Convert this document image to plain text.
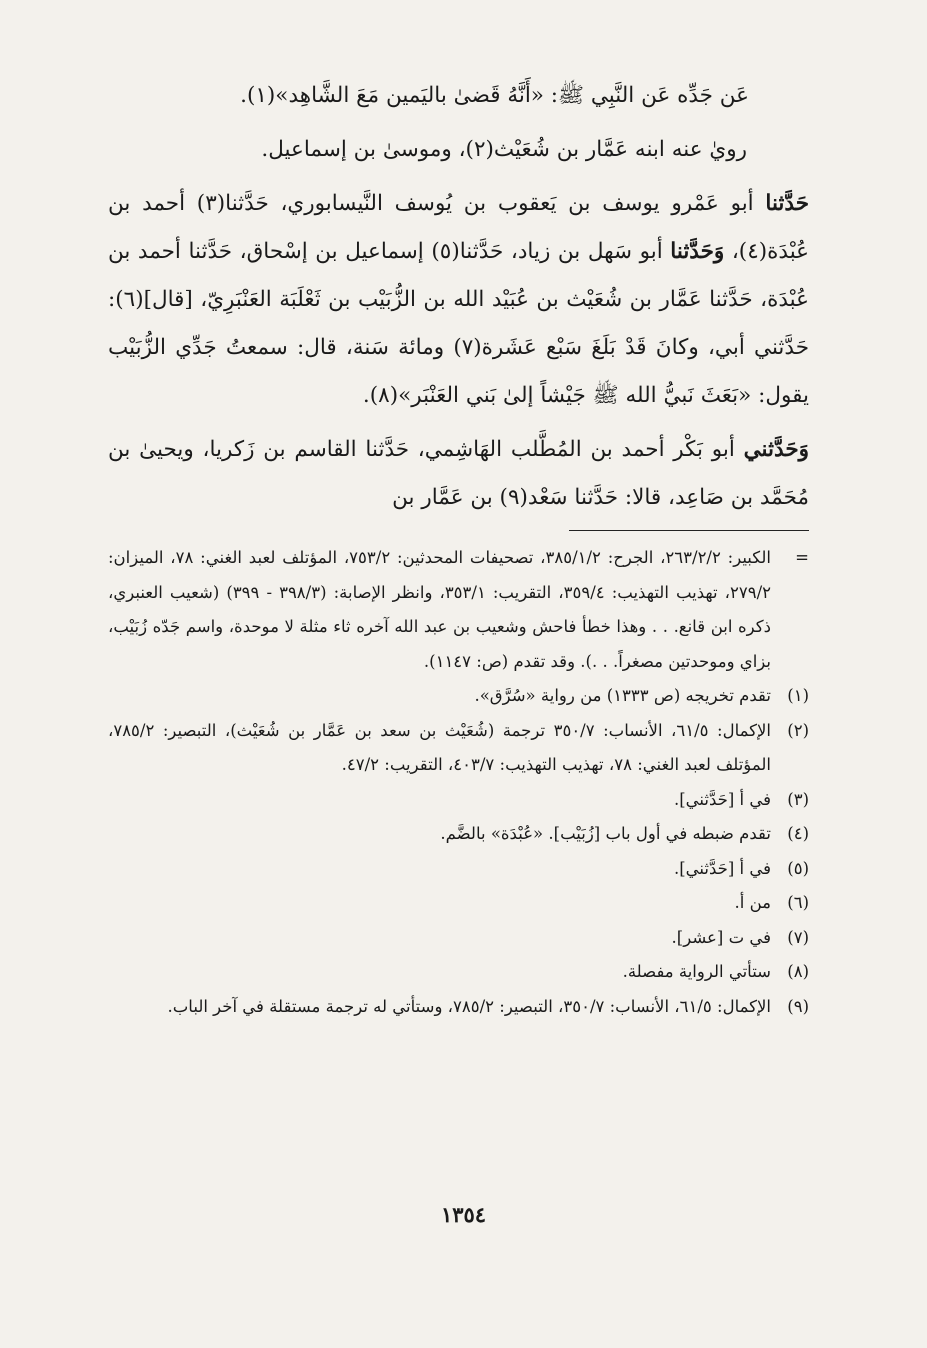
عَن جَدِّه عَن النَّبِي ﷺ: «أَنَّهُ قَضىٰ باليَمين مَعَ الشَّاهِد»(١).

رويٰ عنه ابنه عَمَّار بن شُعَيْث(٢)، وموسىٰ بن إسماعيل.

حَدَّثنا أبو عَمْرو يوسف بن يَعقوب بن يُوسف النَّيسابوري، حَدَّثنا(٣) أحمد بن عُبْدَة(٤)، وَحَدَّثنا أبو سَهل بن زياد، حَدَّثنا(٥) إسماعيل بن إسْحاق، حَدَّثنا أحمد بن عُبْدَة، حَدَّثنا عَمَّار بن شُعَيْث بن عُبَيْد الله بن الزُّبَيْب بن ثَعْلَبَة العَنْبَرِيّ، [قال](٦): حَدَّثني أبي، وكانَ قَدْ بَلَغَ سَبْع عَشَرة(٧) ومائة سَنة، قال: سمعتُ جَدِّي الزُّبَيْب يقول: «بَعَثَ نَبيُّ الله ﷺ جَيْشاً إلىٰ بَني العَنْبَر»(٨).

وَحَدَّثني أبو بَكْر أحمد بن المُطَّلب الهَاشِمي، حَدَّثنا القاسم بن زَكريا، ويحيىٰ بن مُحَمَّد بن صَاعِد، قالا: حَدَّثنا سَعْد(٩) بن عَمَّار بن

=

الكبير: ٢٦٣/٢/٢، الجرح: ٣٨٥/١/٢، تصحيفات المحدثين: ٧٥٣/٢، المؤتلف لعبد الغني: ٧٨، الميزان: ٢٧٩/٢، تهذيب التهذيب: ٣٥٩/٤، التقريب: ٣٥٣/١، وانظر الإصابة: (٣٩٨/٣ - ٣٩٩) (شعيب العنبري، ذكره ابن قانع. . . وهذا خطأ فاحش وشعيب بن عبد الله آخره ثاء مثلة لا موحدة، واسم جَدّه زُبَيْب، بزاي وموحدتين مصغراً. . .). وقد تقدم (ص: ١١٤٧).

(١)

تقدم تخريجه (ص ١٣٣٣) من رواية «سُرَّق».

(٢)

الإكمال: ٦١/٥، الأنساب: ٣٥٠/٧ ترجمة (شُعَيْث بن سعد بن عَمَّار بن شُعَيْث)، التبصير: ٧٨٥/٢، المؤتلف لعبد الغني: ٧٨، تهذيب التهذيب: ٤٠٣/٧، التقريب: ٤٧/٢.

(٣)

في أ [حَدَّثني].

(٤)

تقدم ضبطه في أول باب [زُبَيْب]. «عُبْدَة» بالضَّم.

(٥)

في أ [حَدَّثني].

(٦)

من أ.

(٧)

في ت [عشر].

(٨)

ستأتي الرواية مفصلة.

(٩)

الإكمال: ٦١/٥، الأنساب: ٣٥٠/٧، التبصير: ٧٨٥/٢، وستأتي له ترجمة مستقلة في آخر الباب.

١٣٥٤
